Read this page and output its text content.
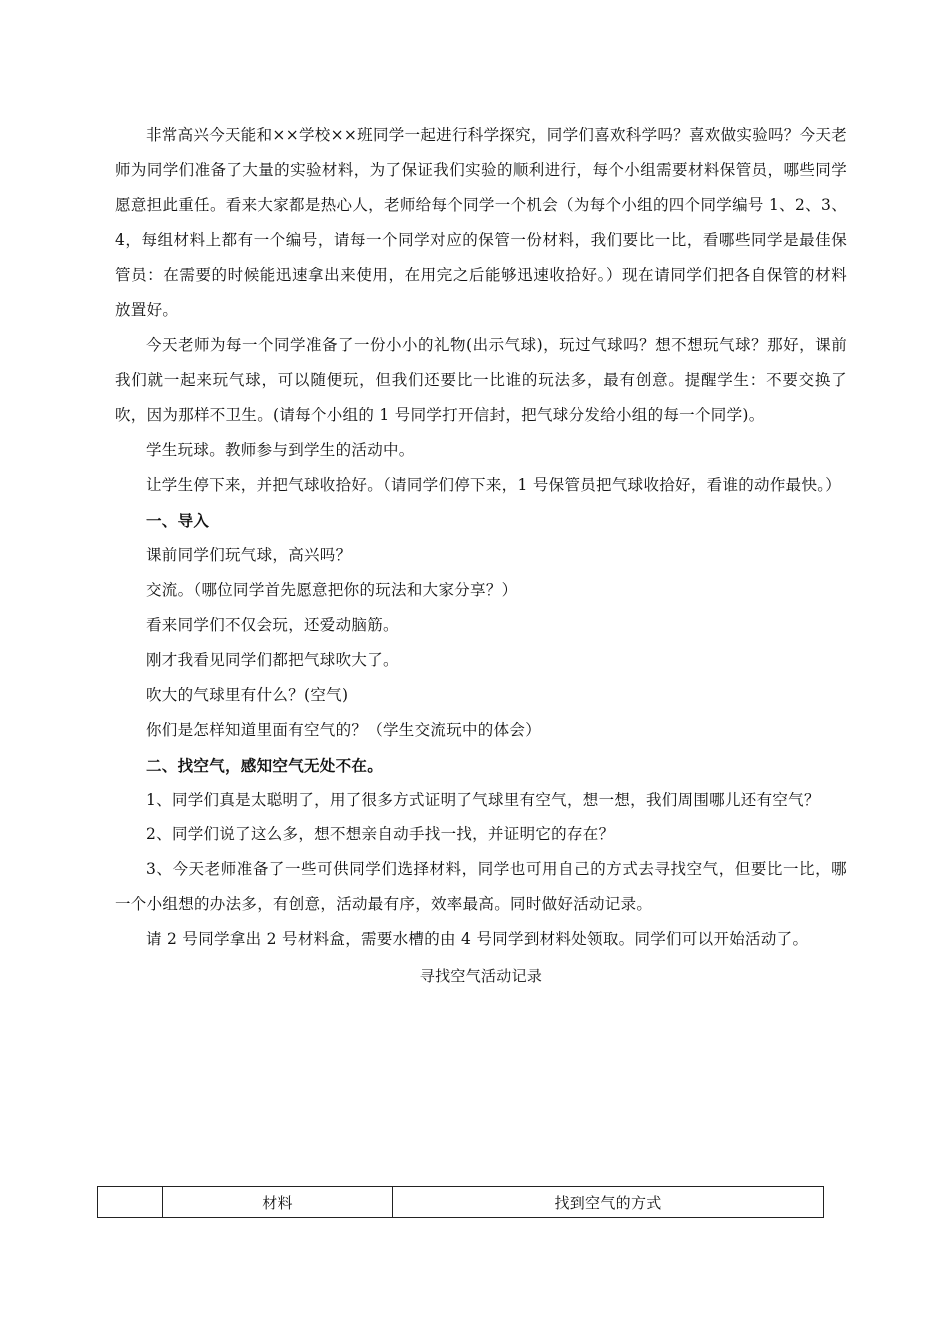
非常高兴今天能和××学校××班同学一起进行科学探究，同学们喜欢科学吗？喜欢做实验吗？今天老师为同学们准备了大量的实验材料，为了保证我们实验的顺利进行，每个小组需要材料保管员，哪些同学愿意担此重任。看来大家都是热心人，老师给每个同学一个机会（为每个小组的四个同学编号 1、2、3、4，每组材料上都有一个编号，请每一个同学对应的保管一份材料，我们要比一比，看哪些同学是最佳保管员：在需要的时候能迅速拿出来使用，在用完之后能够迅速收拾好。）现在请同学们把各自保管的材料放置好。

今天老师为每一个同学准备了一份小小的礼物(出示气球)，玩过气球吗？想不想玩气球？那好，课前我们就一起来玩气球，可以随便玩，但我们还要比一比谁的玩法多，最有创意。提醒学生：不要交换了吹，因为那样不卫生。(请每个小组的 1 号同学打开信封，把气球分发给小组的每一个同学)。

学生玩球。教师参与到学生的活动中。

让学生停下来，并把气球收拾好。（请同学们停下来，1 号保管员把气球收拾好，看谁的动作最快。）

一、导入

课前同学们玩气球，高兴吗？

交流。（哪位同学首先愿意把你的玩法和大家分享？）

看来同学们不仅会玩，还爱动脑筋。

刚才我看见同学们都把气球吹大了。

吹大的气球里有什么？(空气)

你们是怎样知道里面有空气的？（学生交流玩中的体会）

二、找空气，感知空气无处不在。

1、同学们真是太聪明了，用了很多方式证明了气球里有空气，想一想，我们周围哪儿还有空气？

2、同学们说了这么多，想不想亲自动手找一找，并证明它的存在？

3、今天老师准备了一些可供同学们选择材料，同学也可用自己的方式去寻找空气，但要比一比，哪一个小组想的办法多，有创意，活动最有序，效率最高。同时做好活动记录。

请 2 号同学拿出 2 号材料盒，需要水槽的由 4 号同学到材料处领取。同学们可以开始活动了。

寻找空气活动记录

	材料	找到空气的方式
